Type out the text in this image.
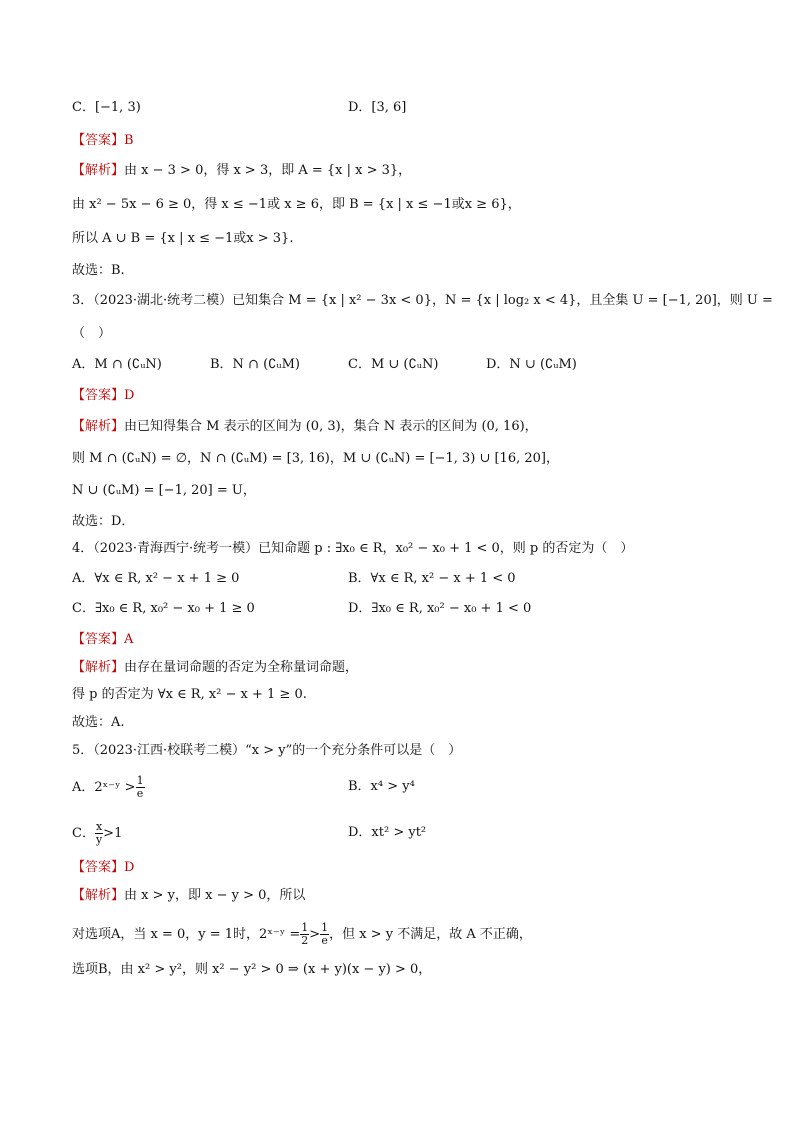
C．[−1, 3)	D．[3, 6]
【答案】B
【解析】由 x − 3 > 0，得 x > 3，即 A = {x | x > 3}，
由 x² − 5x − 6 ≥ 0，得 x ≤ −1或 x ≥ 6，即 B = {x | x ≤ −1或x ≥ 6}，
所以 A ∪ B = {x | x ≤ −1或x > 3}.
故选：B.
3．（2023·湖北·统考二模）已知集合 M = {x | x² − 3x < 0}，N = {x | log₂ x < 4}，且全集 U = [−1, 20]，则 U =
（　）
A．M ∩ (∁ᵤN)	B．N ∩ (∁ᵤM)	C．M ∪ (∁ᵤN)	D．N ∪ (∁ᵤM)
【答案】D
【解析】由已知得集合 M 表示的区间为 (0, 3)，集合 N 表示的区间为 (0, 16)，
则 M ∩ (∁ᵤN) = ∅，N ∩ (∁ᵤM) = [3, 16)，M ∪ (∁ᵤN) = [−1, 3) ∪ [16, 20]，
N ∪ (∁ᵤM) = [−1, 20] = U，
故选：D．
4．（2023·青海西宁·统考一模）已知命题 p : ∃x₀ ∈ R，x₀² − x₀ + 1 < 0，则 p 的否定为（　）
A．∀x ∈ R, x² − x + 1 ≥ 0	B．∀x ∈ R, x² − x + 1 < 0
C．∃x₀ ∈ R, x₀² − x₀ + 1 ≥ 0	D．∃x₀ ∈ R, x₀² − x₀ + 1 < 0
【答案】A
【解析】由存在量词命题的否定为全称量词命题，
得 p 的否定为 ∀x ∈ R, x² − x + 1 ≥ 0.
故选：A.
5．（2023·江西·校联考二模）“x > y”的一个充分条件可以是（　）
A．2ˣ⁻ʸ > $\frac{1}{e}$	B．x⁴ > y⁴
C． $\frac{x}{y} >1$	D．xt² > yt²
【答案】D
【解析】由 x > y，即 x − y > 0，所以
对选项A，当 x = 0，y = 1时，2ˣ⁻ʸ = $\frac{1}{2} > \frac{1}{e}$ ，但 x > y 不满足，故 A 不正确，
选项B，由 x² > y²，则 x² − y² > 0 ⇒ (x + y)(x − y) > 0，
